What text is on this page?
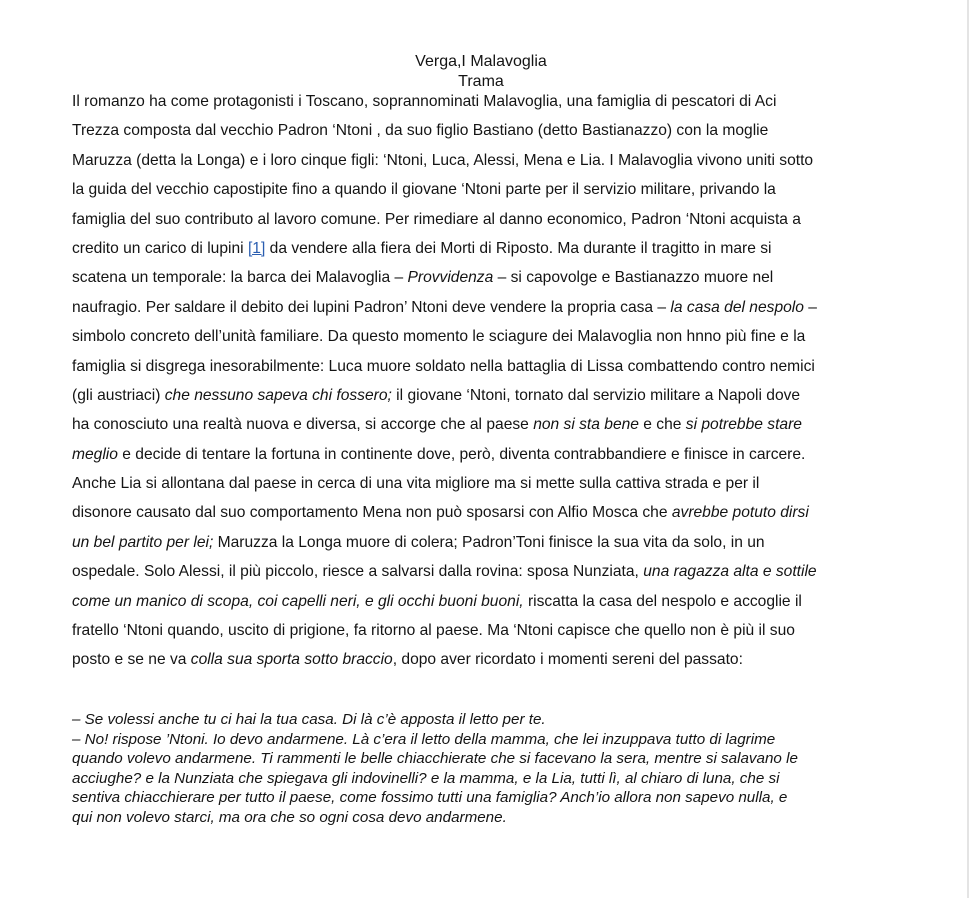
Verga,I Malavoglia
Trama
Il romanzo ha come protagonisti i Toscano, soprannominati Malavoglia, una famiglia di pescatori di Aci
Trezza composta dal vecchio Padron ‘Ntoni , da suo figlio Bastiano (detto Bastianazzo) con la moglie
Maruzza (detta la Longa) e i loro cinque figli: ‘Ntoni, Luca, Alessi, Mena e Lia. I Malavoglia vivono uniti sotto
la guida del vecchio capostipite fino a quando il giovane ‘Ntoni parte per il servizio militare, privando la
famiglia del suo contributo al lavoro comune. Per rimediare al danno economico, Padron ‘Ntoni acquista a
credito un carico di lupini [1] da vendere alla fiera dei Morti di Riposto. Ma durante il tragitto in mare si
scatena un temporale: la barca dei Malavoglia – Provvidenza – si capovolge e Bastianazzo muore nel
naufragio. Per saldare il debito dei lupini Padron’ Ntoni deve vendere la propria casa – la casa del nespolo –
simbolo concreto dell’unità familiare. Da questo momento le sciagure dei Malavoglia non hnno più fine e la
famiglia si disgrega inesorabilmente: Luca muore soldato nella battaglia di Lissa combattendo contro nemici
(gli austriaci) che nessuno sapeva chi fossero; il giovane ‘Ntoni, tornato dal servizio militare a Napoli dove
ha conosciuto una realtà nuova e diversa, si accorge che al paese non si sta bene e che si potrebbe stare
meglio e decide di tentare la fortuna in continente dove, però, diventa contrabbandiere e finisce in carcere.
Anche Lia si allontana dal paese in cerca di una vita migliore ma si mette sulla cattiva strada e per il
disonore causato dal suo comportamento Mena non può sposarsi con Alfio Mosca che avrebbe potuto dirsi
un bel partito per lei; Maruzza la Longa muore di colera; Padron’Toni finisce la sua vita da solo, in un
ospedale. Solo Alessi, il più piccolo, riesce a salvarsi dalla rovina: sposa Nunziata, una ragazza alta e sottile
come un manico di scopa, coi capelli neri, e gli occhi buoni buoni, riscatta la casa del nespolo e accoglie il
fratello ‘Ntoni quando, uscito di prigione, fa ritorno al paese. Ma ‘Ntoni capisce che quello non è più il suo
posto e se ne va colla sua sporta sotto braccio, dopo aver ricordato i momenti sereni del passato:
– Se volessi anche tu ci hai la tua casa. Di là c’è apposta il letto per te.
– No! rispose ’Ntoni. Io devo andarmene. Là c’era il letto della mamma, che lei inzuppava tutto di lagrime
quando volevo andarmene. Ti rammenti le belle chiacchierate che si facevano la sera, mentre si salavano le
acciughe? e la Nunziata che spiegava gli indovinelli? e la mamma, e la Lia, tutti lì, al chiaro di luna, che si
sentiva chiacchierare per tutto il paese, come fossimo tutti una famiglia? Anch’io allora non sapevo nulla, e
qui non volevo starci, ma ora che so ogni cosa devo andarmene.
